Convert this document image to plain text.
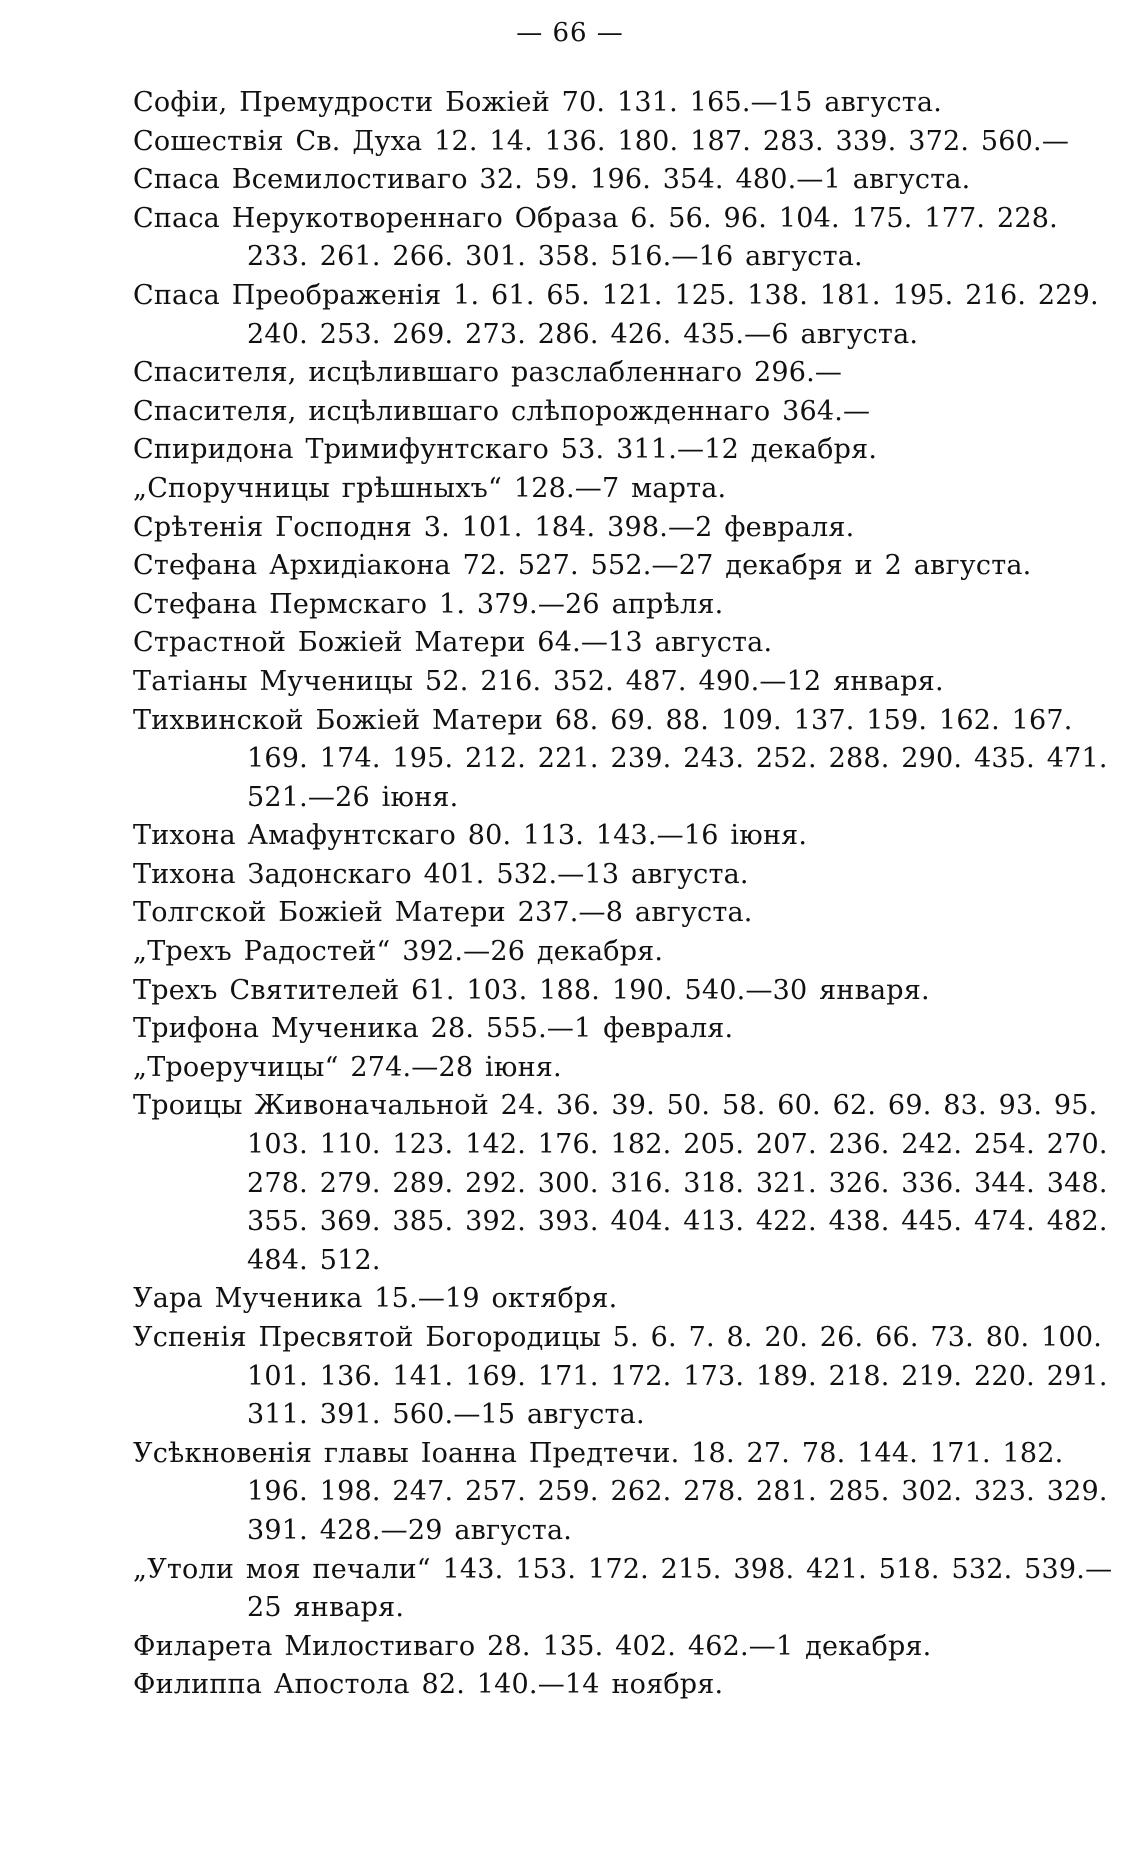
— 66 —

Софіи, Премудрости Божіей 70. 131. 165.—15 августа.

Сошествія Св. Духа 12. 14. 136. 180. 187. 283. 339. 372. 560.—

Спаса Всемилостиваго 32. 59. 196. 354. 480.—1 августа.

Спаса Нерукотвореннаго Образа 6. 56. 96. 104. 175. 177. 228. 233. 261. 266. 301. 358. 516.—16 августа.

Спаса Преображенія 1. 61. 65. 121. 125. 138. 181. 195. 216. 229. 240. 253. 269. 273. 286. 426. 435.—6 августа.

Спасителя, исцѣлившаго разслабленнаго 296.—

Спасителя, исцѣлившаго слѣпорожденнаго 364.—

Спиридона Тримифунтскаго 53. 311.—12 декабря.

„Споручницы грѣшныхъ“ 128.—7 марта.

Срѣтенія Господня 3. 101. 184. 398.—2 февраля.

Стефана Архидіакона 72. 527. 552.—27 декабря и 2 августа.

Стефана Пермскаго 1. 379.—26 апрѣля.

Страстной Божіей Матери 64.—13 августа.

Татіаны Мученицы 52. 216. 352. 487. 490.—12 января.

Тихвинской Божіей Матери 68. 69. 88. 109. 137. 159. 162. 167. 169. 174. 195. 212. 221. 239. 243. 252. 288. 290. 435. 471. 521.—26 іюня.

Тихона Амафунтскаго 80. 113. 143.—16 іюня.

Тихона Задонскаго 401. 532.—13 августа.

Толгской Божіей Матери 237.—8 августа.

„Трехъ Радостей“ 392.—26 декабря.

Трехъ Святителей 61. 103. 188. 190. 540.—30 января.

Трифона Мученика 28. 555.—1 февраля.

„Троеручицы“ 274.—28 іюня.

Троицы Живоначальной 24. 36. 39. 50. 58. 60. 62. 69. 83. 93. 95. 103. 110. 123. 142. 176. 182. 205. 207. 236. 242. 254. 270. 278. 279. 289. 292. 300. 316. 318. 321. 326. 336. 344. 348. 355. 369. 385. 392. 393. 404. 413. 422. 438. 445. 474. 482. 484. 512.

Уара Мученика 15.—19 октября.

Успенія Пресвятой Богородицы 5. 6. 7. 8. 20. 26. 66. 73. 80. 100. 101. 136. 141. 169. 171. 172. 173. 189. 218. 219. 220. 291. 311. 391. 560.—15 августа.

Усѣкновенія главы Іоанна Предтечи. 18. 27. 78. 144. 171. 182. 196. 198. 247. 257. 259. 262. 278. 281. 285. 302. 323. 329. 391. 428.—29 августа.

„Утоли моя печали“ 143. 153. 172. 215. 398. 421. 518. 532. 539.— 25 января.

Филарета Милостиваго 28. 135. 402. 462.—1 декабря.

Филиппа Апостола 82. 140.—14 ноября.
